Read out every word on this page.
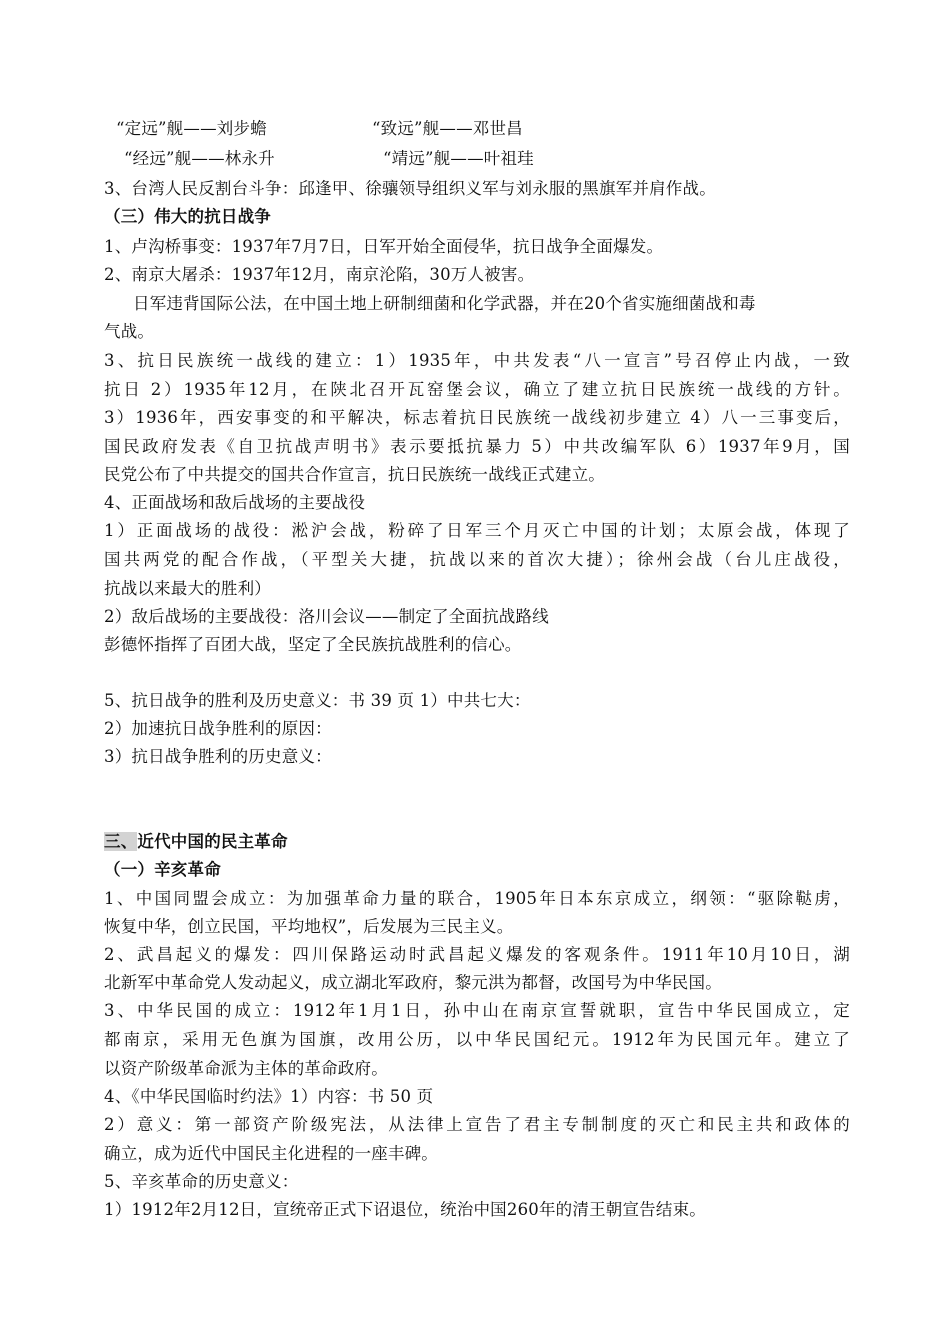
“定远”舰——刘步蟾	“致远”舰——邓世昌
“经远”舰——林永升	“靖远”舰——叶祖珪
3、台湾人民反割台斗争：邱逢甲、徐骧领导组织义军与刘永服的黑旗军并肩作战。
（三）伟大的抗日战争
1、卢沟桥事变：1937年7月7日，日军开始全面侵华，抗日战争全面爆发。
2、南京大屠杀：1937年12月，南京沦陷，30万人被害。
日军违背国际公法，在中国土地上研制细菌和化学武器，并在20个省实施细菌战和毒
气战。
3、抗日民族统一战线的建立：1）1935年，中共发表“八一宣言”号召停止内战，一致
抗日 2）1935年12月，在陕北召开瓦窑堡会议，确立了建立抗日民族统一战线的方针。
3）1936年，西安事变的和平解决，标志着抗日民族统一战线初步建立 4）八一三事变后，
国民政府发表《自卫抗战声明书》表示要抵抗暴力 5）中共改编军队 6）1937年9月，国
民党公布了中共提交的国共合作宣言，抗日民族统一战线正式建立。
4、正面战场和敌后战场的主要战役
1）正面战场的战役：淞沪会战，粉碎了日军三个月灭亡中国的计划；太原会战，体现了
国共两党的配合作战，（平型关大捷，抗战以来的首次大捷）；徐州会战（台儿庄战役，
抗战以来最大的胜利）
2）敌后战场的主要战役：洛川会议——制定了全面抗战路线
彭德怀指挥了百团大战，坚定了全民族抗战胜利的信心。
5、抗日战争的胜利及历史意义：书 39 页 1）中共七大：
2）加速抗日战争胜利的原因：
3）抗日战争胜利的历史意义：
三、近代中国的民主革命
（一）辛亥革命
1、中国同盟会成立：为加强革命力量的联合，1905年日本东京成立，纲领：“驱除鞑虏，
恢复中华，创立民国，平均地权”，后发展为三民主义。
2、武昌起义的爆发：四川保路运动时武昌起义爆发的客观条件。1911年10月10日，湖
北新军中革命党人发动起义，成立湖北军政府，黎元洪为都督，改国号为中华民国。
3、中华民国的成立：1912年1月1日，孙中山在南京宣誓就职，宣告中华民国成立，定
都南京，采用无色旗为国旗，改用公历，以中华民国纪元。1912年为民国元年。建立了
以资产阶级革命派为主体的革命政府。
4、《中华民国临时约法》1）内容：书 50 页
2）意义：第一部资产阶级宪法，从法律上宣告了君主专制制度的灭亡和民主共和政体的
确立，成为近代中国民主化进程的一座丰碑。
5、辛亥革命的历史意义：
1）1912年2月12日，宣统帝正式下诏退位，统治中国260年的清王朝宣告结束。
